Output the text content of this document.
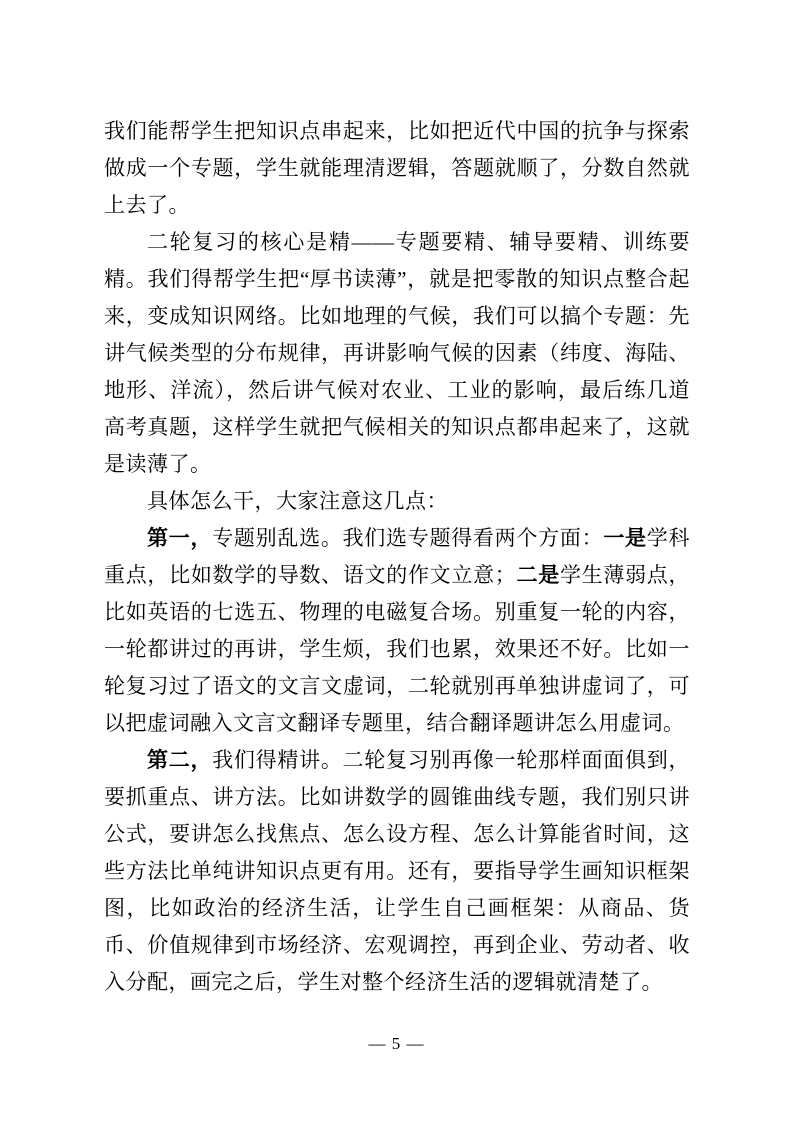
我们能帮学生把知识点串起来，比如把近代中国的抗争与探索做成一个专题，学生就能理清逻辑，答题就顺了，分数自然就上去了。

二轮复习的核心是精——专题要精、辅导要精、训练要精。我们得帮学生把“厚书读薄”，就是把零散的知识点整合起来，变成知识网络。比如地理的气候，我们可以搞个专题：先讲气候类型的分布规律，再讲影响气候的因素（纬度、海陆、地形、洋流），然后讲气候对农业、工业的影响，最后练几道高考真题，这样学生就把气候相关的知识点都串起来了，这就是读薄了。

具体怎么干，大家注意这几点：

第一，专题别乱选。我们选专题得看两个方面：一是学科重点，比如数学的导数、语文的作文立意；二是学生薄弱点，比如英语的七选五、物理的电磁复合场。别重复一轮的内容，一轮都讲过的再讲，学生烦，我们也累，效果还不好。比如一轮复习过了语文的文言文虚词，二轮就别再单独讲虚词了，可以把虚词融入文言文翻译专题里，结合翻译题讲怎么用虚词。

第二，我们得精讲。二轮复习别再像一轮那样面面俱到，要抓重点、讲方法。比如讲数学的圆锥曲线专题，我们别只讲公式，要讲怎么找焦点、怎么设方程、怎么计算能省时间，这些方法比单纯讲知识点更有用。还有，要指导学生画知识框架图，比如政治的经济生活，让学生自己画框架：从商品、货币、价值规律到市场经济、宏观调控，再到企业、劳动者、收入分配，画完之后，学生对整个经济生活的逻辑就清楚了。

— 5 —
